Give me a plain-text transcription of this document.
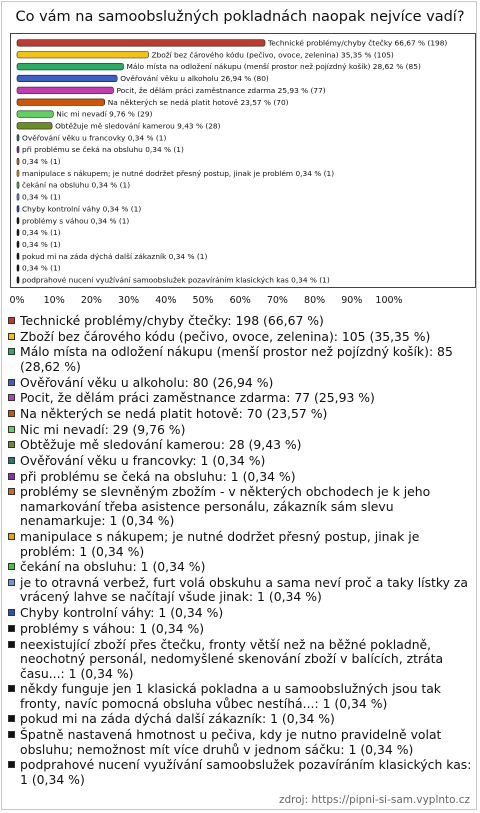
Co vám na samoobslužných pokladnách naopak nejvíce vadí?
Technické problémy/chyby čtečky 66,67 % (198)
Zboží bez čárového kódu (pečivo, ovoce, zelenina) 35,35 % (105)
Málo místa na odložení nákupu (menší prostor než pojízdný košík) 28,62 % (85)
Ověřování věku u alkoholu 26,94 % (80)
Pocit, že dělám práci zaměstnance zdarma 25,93 % (77)
Na některých se nedá platit hotově 23,57 % (70)
Nic mi nevadí 9,76 % (29)
Obtěžuje mě sledování kamerou 9,43 % (28)
Ověřování věku u francovky 0,34 % (1)
při problému se čeká na obsluhu 0,34 % (1)
0,34 % (1)
manipulace s nákupem; je nutné dodržet přesný postup, jinak je problém 0,34 % (1)
čekání na obsluhu 0,34 % (1)
0,34 % (1)
Chyby kontrolní váhy 0,34 % (1)
problémy s váhou 0,34 % (1)
0,34 % (1)
0,34 % (1)
pokud mi na záda dýchá další zákazník 0,34 % (1)
0,34 % (1)
podprahové nucení využívání samoobslužek pozavíráním klasických kas 0,34 % (1)
0% 10% 20% 30% 40% 50% 60% 70% 80% 90% 100%
Technické problémy/chyby čtečky: 198 (66,67 %)
Zboží bez čárového kódu (pečivo, ovoce, zelenina): 105 (35,35 %)
Málo místa na odložení nákupu (menší prostor než pojízdný košík): 85 (28,62 %)
Ověřování věku u alkoholu: 80 (26,94 %)
Pocit, že dělám práci zaměstnance zdarma: 77 (25,93 %)
Na některých se nedá platit hotově: 70 (23,57 %)
Nic mi nevadí: 29 (9,76 %)
Obtěžuje mě sledování kamerou: 28 (9,43 %)
Ověřování věku u francovky: 1 (0,34 %)
při problému se čeká na obsluhu: 1 (0,34 %)
problémy se slevněným zbožím - v některých obchodech je k jeho namarkování třeba asistence personálu, zákazník sám slevu nenamarkuje: 1 (0,34 %)
manipulace s nákupem; je nutné dodržet přesný postup, jinak je problém: 1 (0,34 %)
čekání na obsluhu: 1 (0,34 %)
je to otravná verbež, furt volá obskuhu a sama neví proč a taky lístky za vrácený lahve se načítají všude jinak: 1 (0,34 %)
Chyby kontrolní váhy: 1 (0,34 %)
problémy s váhou: 1 (0,34 %)
neexistující zboží přes čtečku, fronty větší než na běžné pokladně, neochotný personál, nedomyšlené skenování zboží v balících, ztráta času...: 1 (0,34 %)
někdy funguje jen 1 klasická pokladna a u samoobslužných jsou tak fronty, navíc pomocná obsluha vůbec nestíhá...: 1 (0,34 %)
pokud mi na záda dýchá další zákazník: 1 (0,34 %)
Špatně nastavená hmotnost u pečiva, kdy je nutno pravidelně volat obsluhu; nemožnost mít více druhů v jednom sáčku: 1 (0,34 %)
podprahové nucení využívání samoobslužek pozavíráním klasických kas: 1 (0,34 %)
zdroj: https://pipni-si-sam.vyplnto.cz
